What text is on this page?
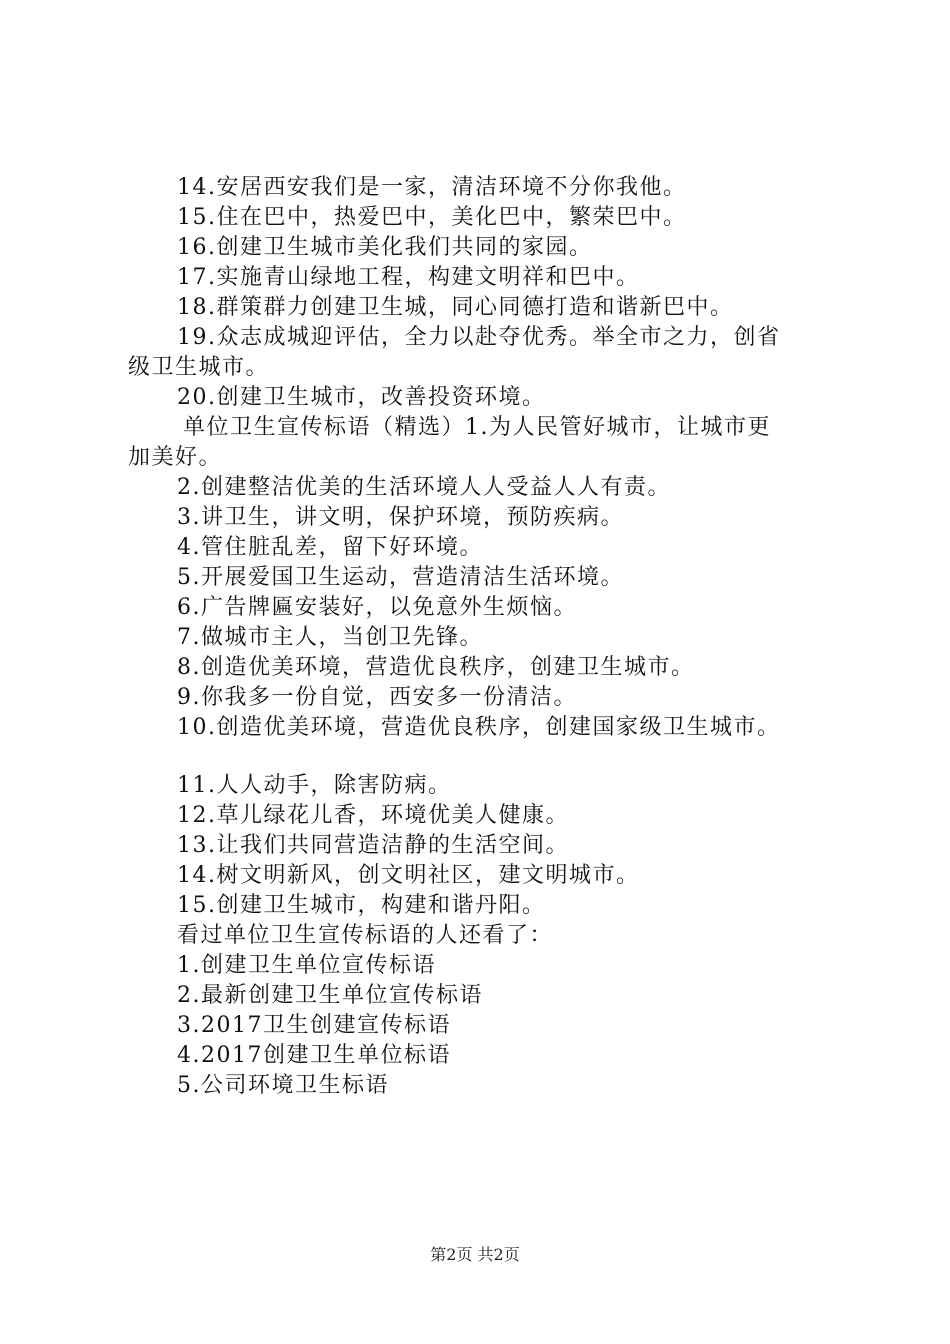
14.安居西安我们是一家，清洁环境不分你我他。
15.住在巴中，热爱巴中，美化巴中，繁荣巴中。
16.创建卫生城市美化我们共同的家园。
17.实施青山绿地工程，构建文明祥和巴中。
18.群策群力创建卫生城，同心同德打造和谐新巴中。
19.众志成城迎评估，全力以赴夺优秀。举全市之力，创省
级卫生城市。
20.创建卫生城市，改善投资环境。
单位卫生宣传标语（精选）1.为人民管好城市，让城市更
加美好。
2.创建整洁优美的生活环境人人受益人人有责。
3.讲卫生，讲文明，保护环境，预防疾病。
4.管住脏乱差，留下好环境。
5.开展爱国卫生运动，营造清洁生活环境。
6.广告牌匾安装好，以免意外生烦恼。
7.做城市主人，当创卫先锋。
8.创造优美环境，营造优良秩序，创建卫生城市。
9.你我多一份自觉，西安多一份清洁。
10.创造优美环境，营造优良秩序，创建国家级卫生城市。
11.人人动手，除害防病。
12.草儿绿花儿香，环境优美人健康。
13.让我们共同营造洁静的生活空间。
14.树文明新风，创文明社区，建文明城市。
15.创建卫生城市，构建和谐丹阳。
看过单位卫生宣传标语的人还看了：
1.创建卫生单位宣传标语
2.最新创建卫生单位宣传标语
3.2017卫生创建宣传标语
4.2017创建卫生单位标语
5.公司环境卫生标语
第2页 共2页
